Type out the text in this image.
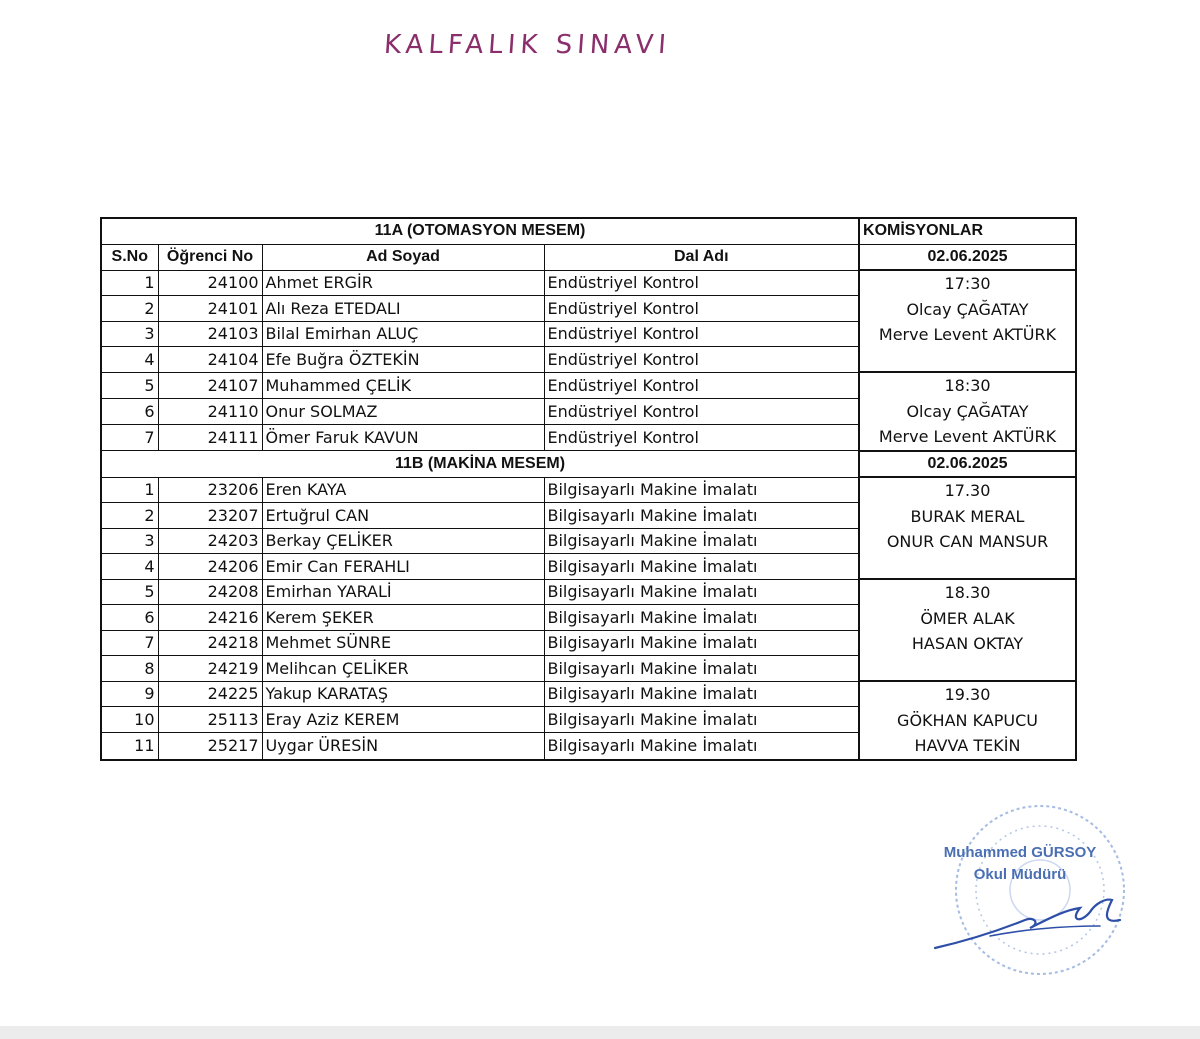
KALFALIK SINAVI
11A (OTOMASYON MESEM)				KOMİSYONLAR
S.No	Öğrenci No	Ad Soyad	Dal Adı	02.06.2025
1	24100	Ahmet ERGİR	Endüstriyel Kontrol	17:30
Olcay ÇAĞATAY
Merve Levent AKTÜRK

2	24101	Alı Reza ETEDALI	Endüstriyel Kontrol	
3	24103	Bilal Emirhan ALUÇ	Endüstriyel Kontrol	
4	24104	Efe Buğra ÖZTEKİN	Endüstriyel Kontrol	
5	24107	Muhammed ÇELİK	Endüstriyel Kontrol	18:30
Olcay ÇAĞATAY
Merve Levent AKTÜRK

6	24110	Onur SOLMAZ	Endüstriyel Kontrol	
7	24111	Ömer Faruk KAVUN	Endüstriyel Kontrol	
11B (MAKİNA MESEM)				02.06.2025
1	23206	Eren KAYA	Bilgisayarlı Makine İmalatı	17.30
BURAK MERAL
ONUR CAN MANSUR

2	23207	Ertuğrul CAN	Bilgisayarlı Makine İmalatı	
3	24203	Berkay ÇELİKER	Bilgisayarlı Makine İmalatı	
4	24206	Emir Can FERAHLI	Bilgisayarlı Makine İmalatı	
5	24208	Emirhan YARALİ	Bilgisayarlı Makine İmalatı	18.30
ÖMER ALAK
HASAN OKTAY

6	24216	Kerem ŞEKER	Bilgisayarlı Makine İmalatı	
7	24218	Mehmet SÜNRE	Bilgisayarlı Makine İmalatı	
8	24219	Melihcan ÇELİKER	Bilgisayarlı Makine İmalatı	
9	24225	Yakup KARATAŞ	Bilgisayarlı Makine İmalatı	19.30
GÖKHAN KAPUCU
HAVVA TEKİN

10	25113	Eray Aziz KEREM	Bilgisayarlı Makine İmalatı	
11	25217	Uygar ÜRESİN	Bilgisayarlı Makine İmalatı	
Muhammed GÜRSOY
Okul Müdürü
